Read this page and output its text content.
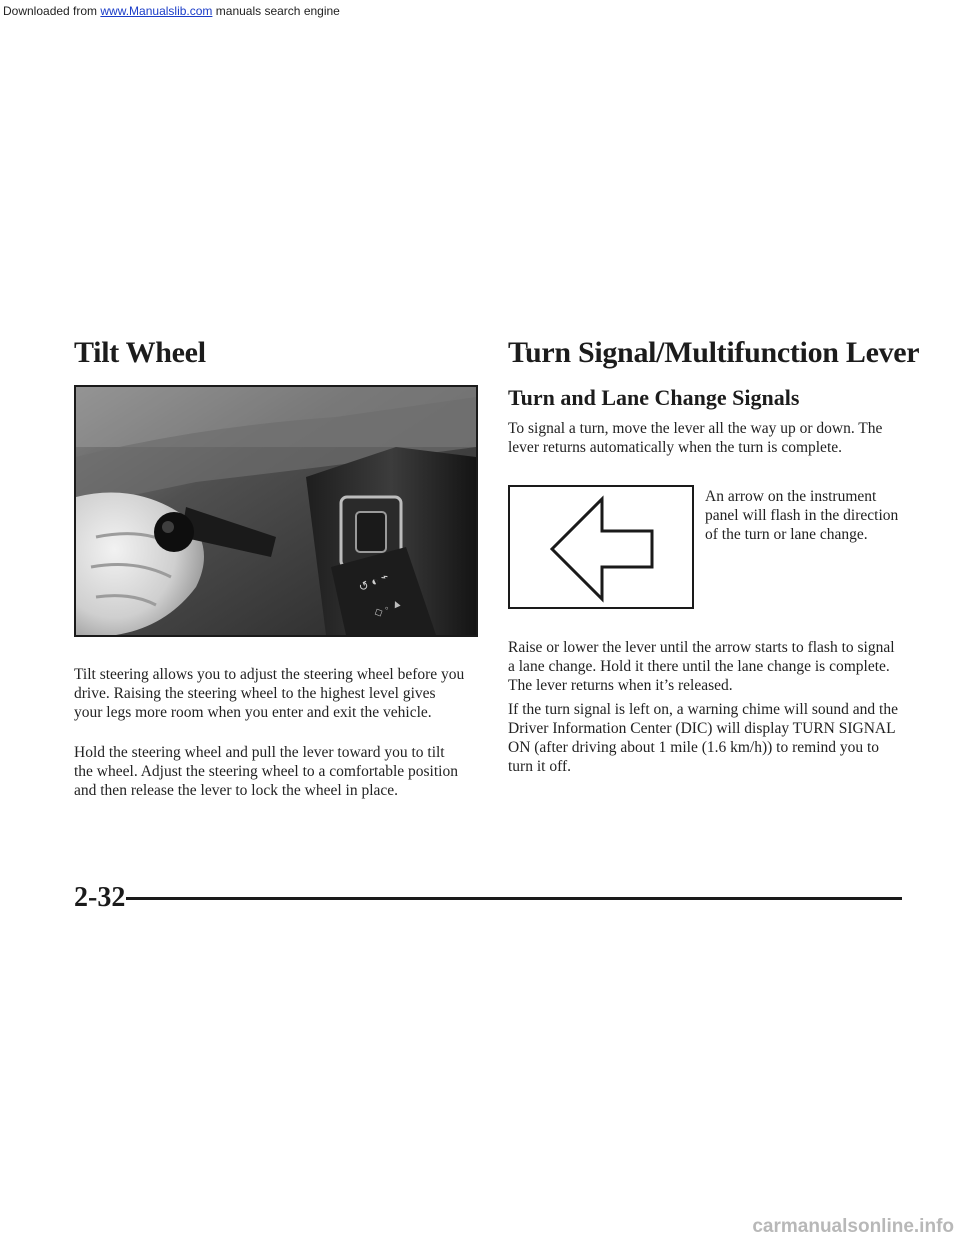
Downloaded from www.Manualslib.com manuals search engine
Tilt Wheel
↺ ◐ ⌁
◇ ◦ ▲

Tilt steering allows you to adjust the steering wheel before you drive. Raising the steering wheel to the highest level gives your legs more room when you enter and exit the vehicle.

Hold the steering wheel and pull the lever toward you to tilt the wheel. Adjust the steering wheel to a comfortable position and then release the lever to lock the wheel in place.

Turn Signal/Multifunction Lever
Turn and Lane Change Signals

To signal a turn, move the lever all the way up or down. The lever returns automatically when the turn is complete.

An arrow on the instrument panel will flash in the direction of the turn or lane change.

Raise or lower the lever until the arrow starts to flash to signal a lane change. Hold it there until the lane change is complete. The lever returns when it’s released.

If the turn signal is left on, a warning chime will sound and the Driver Information Center (DIC) will display TURN SIGNAL ON (after driving about 1 mile (1.6 km/h)) to remind you to turn it off.

2-32
carmanualsonline.info
